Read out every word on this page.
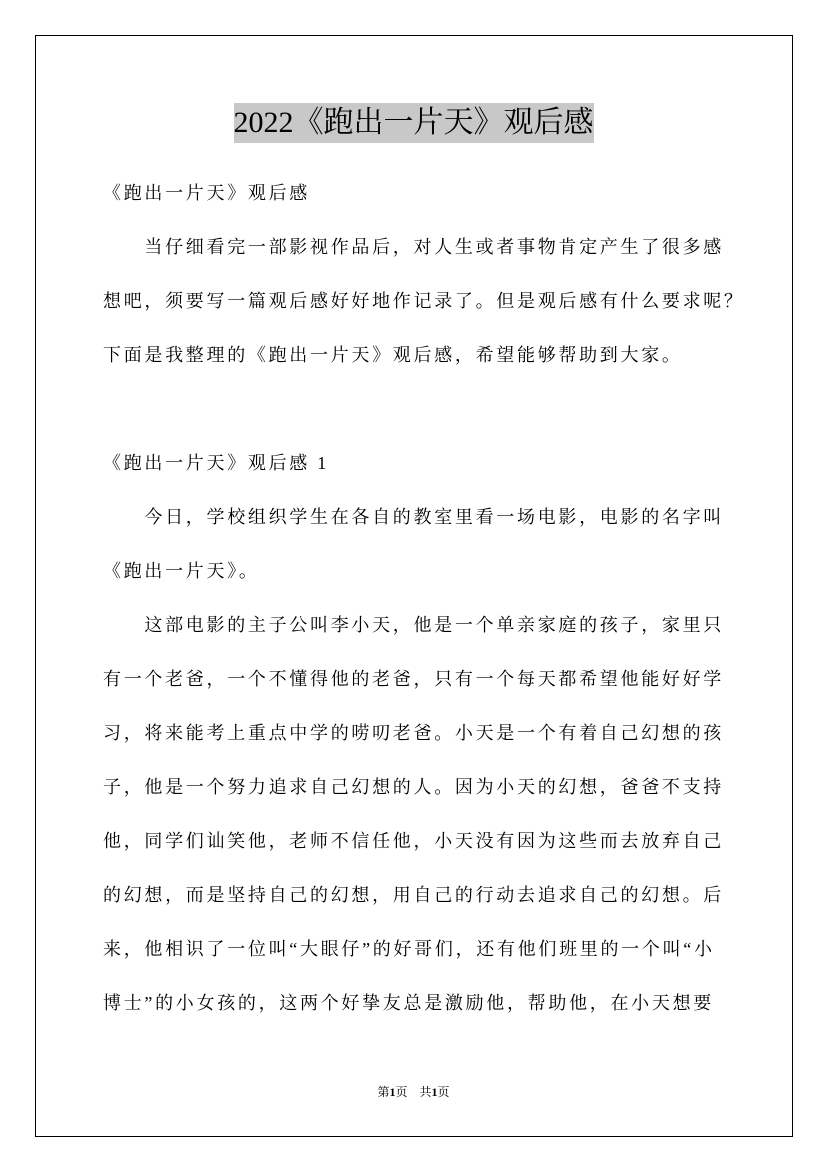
2022《跑出一片天》观后感
《跑出一片天》观后感
当仔细看完一部影视作品后，对人生或者事物肯定产生了很多感
想吧，须要写一篇观后感好好地作记录了。但是观后感有什么要求呢？
下面是我整理的《跑出一片天》观后感，希望能够帮助到大家。
《跑出一片天》观后感 1
今日，学校组织学生在各自的教室里看一场电影，电影的名字叫
《跑出一片天》。
这部电影的主子公叫李小天，他是一个单亲家庭的孩子，家里只
有一个老爸，一个不懂得他的老爸，只有一个每天都希望他能好好学
习，将来能考上重点中学的唠叨老爸。小天是一个有着自己幻想的孩
子，他是一个努力追求自己幻想的人。因为小天的幻想，爸爸不支持
他，同学们讪笑他，老师不信任他，小天没有因为这些而去放弃自己
的幻想，而是坚持自己的幻想，用自己的行动去追求自己的幻想。后
来，他相识了一位叫“大眼仔”的好哥们，还有他们班里的一个叫“小
博士”的小女孩的，这两个好挚友总是激励他，帮助他，在小天想要
第1页 共1页
